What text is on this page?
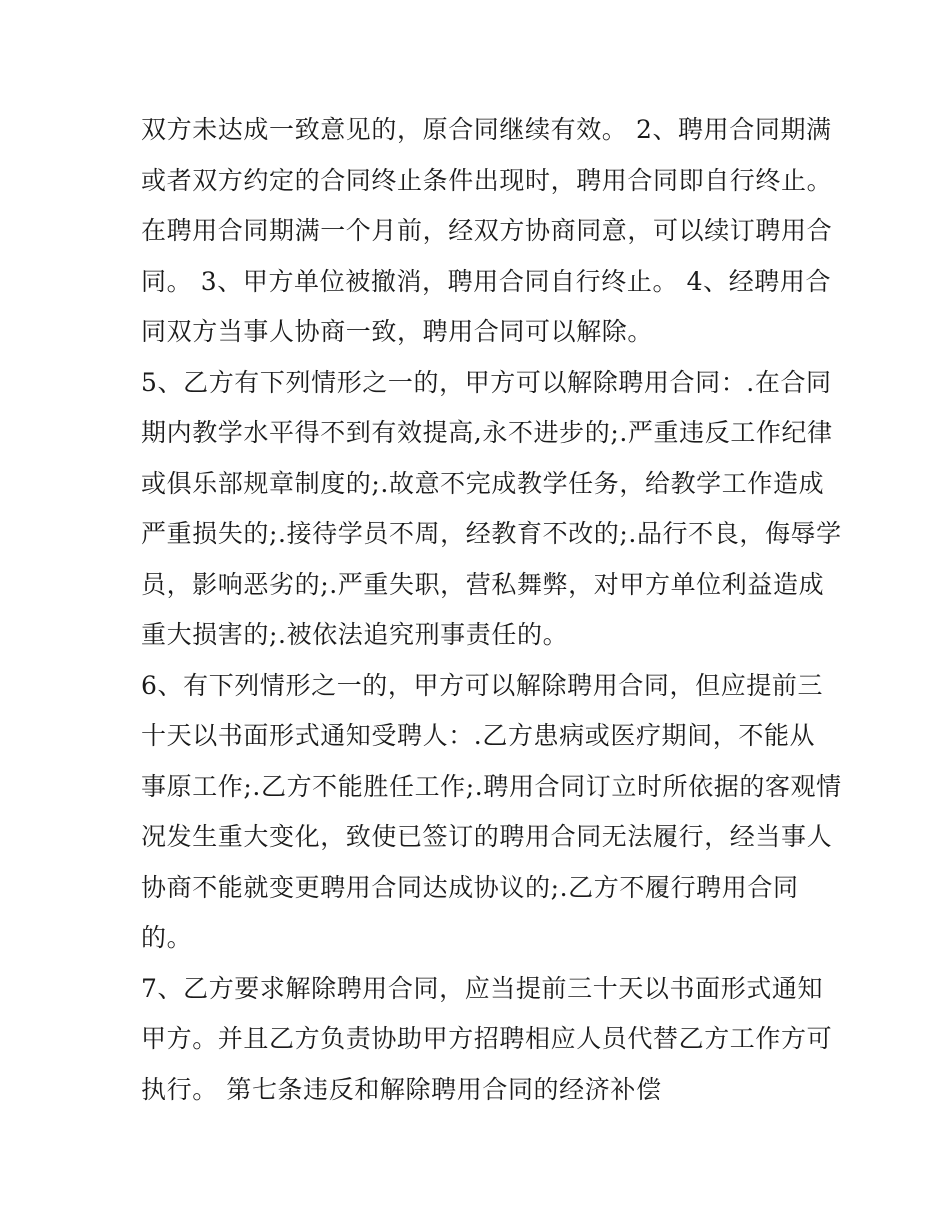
双方未达成一致意见的，原合同继续有效。 2、聘用合同期满
或者双方约定的合同终止条件出现时，聘用合同即自行终止。
在聘用合同期满一个月前，经双方协商同意，可以续订聘用合
同。 3、甲方单位被撤消，聘用合同自行终止。 4、经聘用合
同双方当事人协商一致，聘用合同可以解除。
5、乙方有下列情形之一的，甲方可以解除聘用合同：.在合同
期内教学水平得不到有效提高,永不进步的;.严重违反工作纪律
或俱乐部规章制度的;.故意不完成教学任务，给教学工作造成
严重损失的;.接待学员不周，经教育不改的;.品行不良，侮辱学
员，影响恶劣的;.严重失职，营私舞弊，对甲方单位利益造成
重大损害的;.被依法追究刑事责任的。
6、有下列情形之一的，甲方可以解除聘用合同，但应提前三
十天以书面形式通知受聘人：.乙方患病或医疗期间，不能从
事原工作;.乙方不能胜任工作;.聘用合同订立时所依据的客观情
况发生重大变化，致使已签订的聘用合同无法履行，经当事人
协商不能就变更聘用合同达成协议的;.乙方不履行聘用合同
的。
7、乙方要求解除聘用合同，应当提前三十天以书面形式通知
甲方。并且乙方负责协助甲方招聘相应人员代替乙方工作方可
执行。 第七条违反和解除聘用合同的经济补偿
